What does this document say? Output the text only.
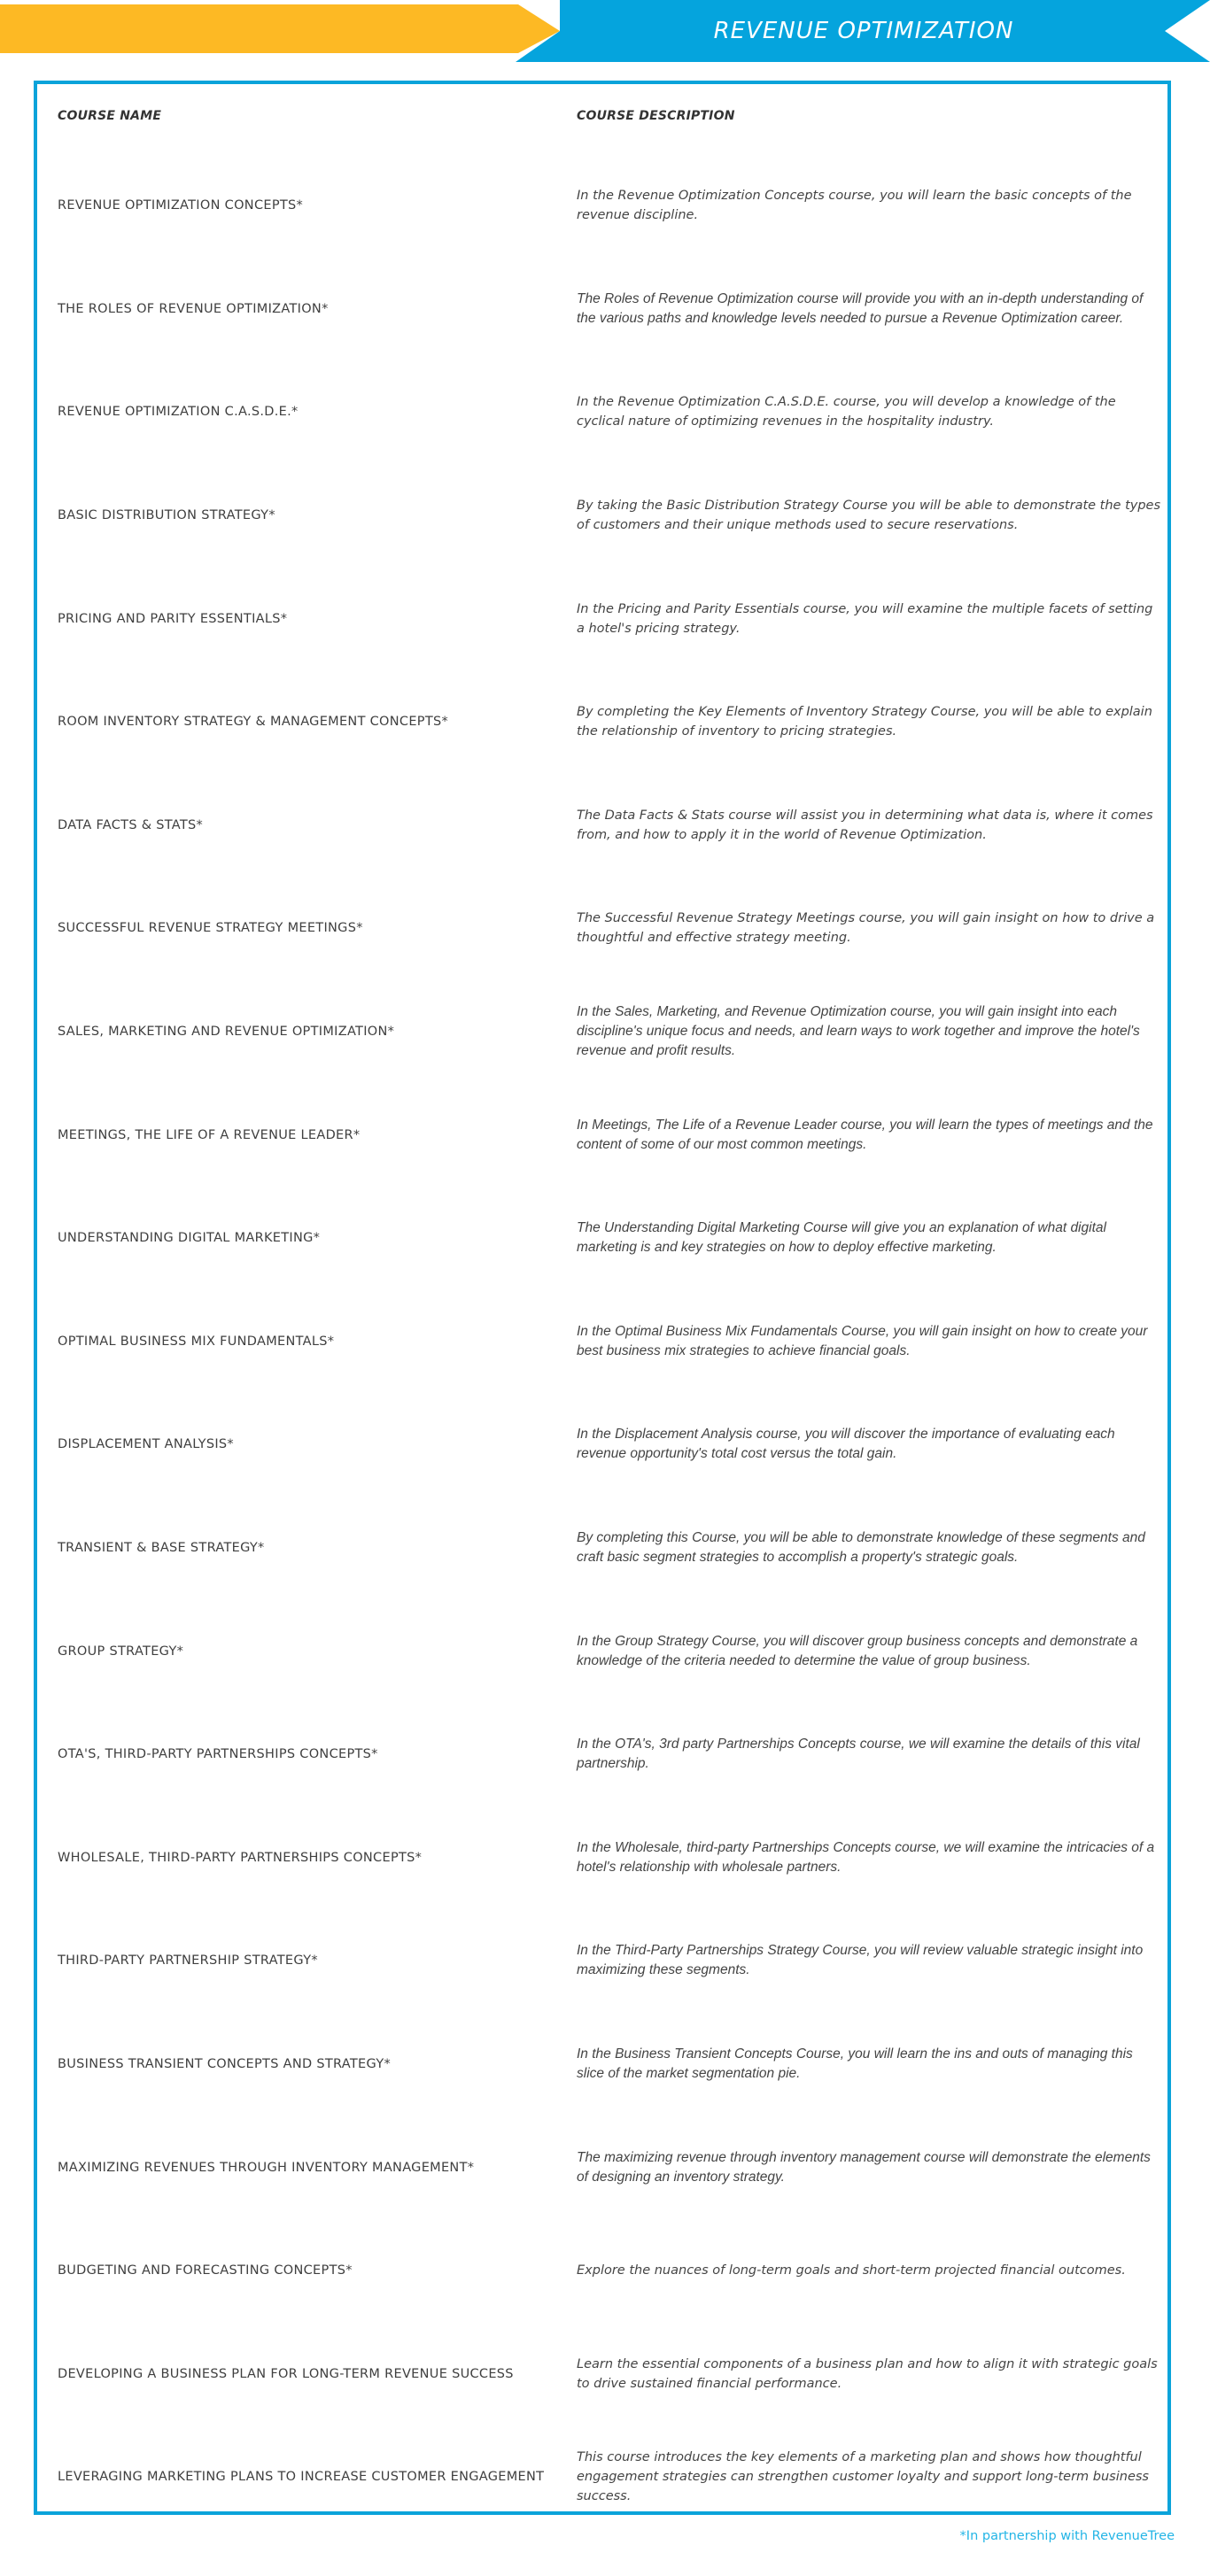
REVENUE OPTIMIZATION
COURSE NAME	COURSE DESCRIPTION
REVENUE OPTIMIZATION CONCEPTS*
In the Revenue Optimization Concepts course, you will learn the basic concepts of the revenue discipline.
THE ROLES OF REVENUE OPTIMIZATION*
The Roles of Revenue Optimization course will provide you with an in-depth understanding of the various paths and knowledge levels needed to pursue a Revenue Optimization career.
REVENUE OPTIMIZATION C.A.S.D.E.*
In the Revenue Optimization C.A.S.D.E. course, you will develop a knowledge of the cyclical nature of optimizing revenues in the hospitality industry.
BASIC DISTRIBUTION STRATEGY*
By taking the Basic Distribution Strategy Course you will be able to demonstrate the types of customers and their unique methods used to secure reservations.
PRICING AND PARITY ESSENTIALS*
In the Pricing and Parity Essentials course, you will examine the multiple facets of setting a hotel's pricing strategy.
ROOM INVENTORY STRATEGY & MANAGEMENT CONCEPTS*
By completing the Key Elements of Inventory Strategy Course, you will be able to explain the relationship of inventory to pricing strategies.
DATA FACTS & STATS*
The Data Facts & Stats course will assist you in determining what data is, where it comes from, and how to apply it in the world of Revenue Optimization.
SUCCESSFUL REVENUE STRATEGY MEETINGS*
The Successful Revenue Strategy Meetings course, you will gain insight on how to drive a thoughtful and effective strategy meeting.
SALES, MARKETING AND REVENUE OPTIMIZATION*
In the Sales, Marketing, and Revenue Optimization course, you will gain insight into each discipline's unique focus and needs, and learn ways to work together and improve the hotel's revenue and profit results.
MEETINGS, THE LIFE OF A REVENUE LEADER*
In Meetings, The Life of a Revenue Leader course, you will learn the types of meetings and the content of some of our most common meetings.
UNDERSTANDING DIGITAL MARKETING*
The Understanding Digital Marketing Course will give you an explanation of what digital marketing is and key strategies on how to deploy effective marketing.
OPTIMAL BUSINESS MIX FUNDAMENTALS*
In the Optimal Business Mix Fundamentals Course, you will gain insight on how to create your best business mix strategies to achieve financial goals.
DISPLACEMENT ANALYSIS*
In the Displacement Analysis course, you will discover the importance of evaluating each revenue opportunity's total cost versus the total gain.
TRANSIENT & BASE STRATEGY*
By completing this Course, you will be able to demonstrate knowledge of these segments and craft basic segment strategies to accomplish a property's strategic goals.
GROUP STRATEGY*
In the Group Strategy Course, you will discover group business concepts and demonstrate a knowledge of the criteria needed to determine the value of group business.
OTA'S, THIRD-PARTY PARTNERSHIPS CONCEPTS*
In the OTA's, 3rd party Partnerships Concepts course, we will examine the details of this vital partnership.
WHOLESALE, THIRD-PARTY PARTNERSHIPS CONCEPTS*
In the Wholesale, third-party Partnerships Concepts course, we will examine the intricacies of a hotel's relationship with wholesale partners.
THIRD-PARTY PARTNERSHIP STRATEGY*
In the Third-Party Partnerships Strategy Course, you will review valuable strategic insight into maximizing these segments.
BUSINESS TRANSIENT CONCEPTS AND STRATEGY*
In the Business Transient Concepts Course, you will learn the ins and outs of managing this slice of the market segmentation pie.
MAXIMIZING REVENUES THROUGH INVENTORY MANAGEMENT*
The maximizing revenue through inventory management course will demonstrate the elements of designing an inventory strategy.
BUDGETING AND FORECASTING CONCEPTS*	Explore the nuances of long-term goals and short-term projected financial outcomes.
DEVELOPING A BUSINESS PLAN FOR LONG-TERM REVENUE SUCCESS
Learn the essential components of a business plan and how to align it with strategic goals to drive sustained financial performance.
LEVERAGING MARKETING PLANS TO INCREASE CUSTOMER ENGAGEMENT
This course introduces the key elements of a marketing plan and shows how thoughtful engagement strategies can strengthen customer loyalty and support long-term business success.
*In partnership with RevenueTree
